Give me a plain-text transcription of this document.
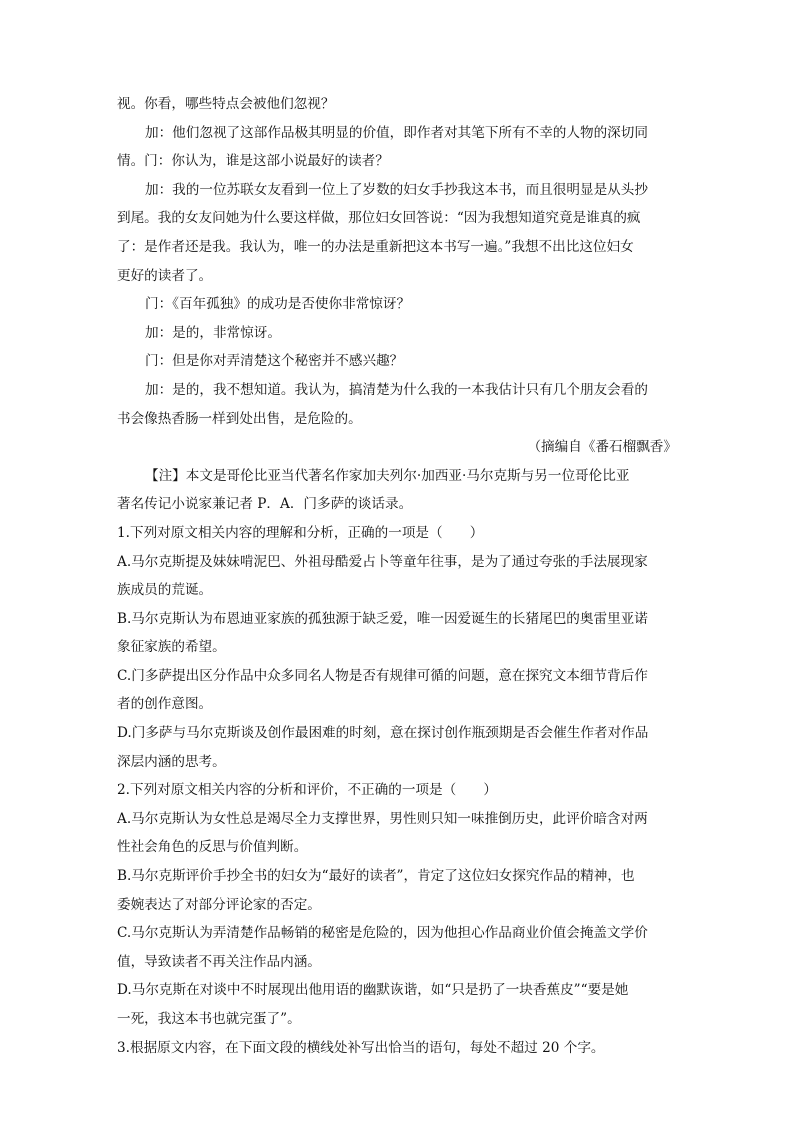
视。你看，哪些特点会被他们忽视？

加：他们忽视了这部作品极其明显的价值，即作者对其笔下所有不幸的人物的深切同
情。门：你认为，谁是这部小说最好的读者？

加：我的一位苏联女友看到一位上了岁数的妇女手抄我这本书，而且很明显是从头抄
到尾。我的女友问她为什么要这样做，那位妇女回答说：“因为我想知道究竟是谁真的疯
了：是作者还是我。我认为，唯一的办法是重新把这本书写一遍。”我想不出比这位妇女
更好的读者了。

门：《百年孤独》的成功是否使你非常惊讶？

加：是的，非常惊讶。

门：但是你对弄清楚这个秘密并不感兴趣？

加：是的，我不想知道。我认为，搞清楚为什么我的一本我估计只有几个朋友会看的
书会像热香肠一样到处出售，是危险的。

（摘编自《番石榴飘香》

【注】本文是哥伦比亚当代著名作家加夫列尔·加西亚·马尔克斯与另一位哥伦比亚
著名传记小说家兼记者 P．A．门多萨的谈话录。

1.下列对原文相关内容的理解和分析，正确的一项是（　　）

A.马尔克斯提及妹妹啃泥巴、外祖母酷爱占卜等童年往事，是为了通过夸张的手法展现家
族成员的荒诞。

B.马尔克斯认为布恩迪亚家族的孤独源于缺乏爱，唯一因爱诞生的长猪尾巴的奥雷里亚诺
象征家族的希望。

C.门多萨提出区分作品中众多同名人物是否有规律可循的问题，意在探究文本细节背后作
者的创作意图。

D.门多萨与马尔克斯谈及创作最困难的时刻，意在探讨创作瓶颈期是否会催生作者对作品
深层内涵的思考。

2.下列对原文相关内容的分析和评价，不正确的一项是（　　）

A.马尔克斯认为女性总是竭尽全力支撑世界，男性则只知一味推倒历史，此评价暗含对两
性社会角色的反思与价值判断。

B.马尔克斯评价手抄全书的妇女为“最好的读者”，肯定了这位妇女探究作品的精神，也
委婉表达了对部分评论家的否定。

C.马尔克斯认为弄清楚作品畅销的秘密是危险的，因为他担心作品商业价值会掩盖文学价
值，导致读者不再关注作品内涵。

D.马尔克斯在对谈中不时展现出他用语的幽默诙谐，如“只是扔了一块香蕉皮”“要是她
一死，我这本书也就完蛋了”。

3.根据原文内容，在下面文段的横线处补写出恰当的语句，每处不超过 20 个字。
